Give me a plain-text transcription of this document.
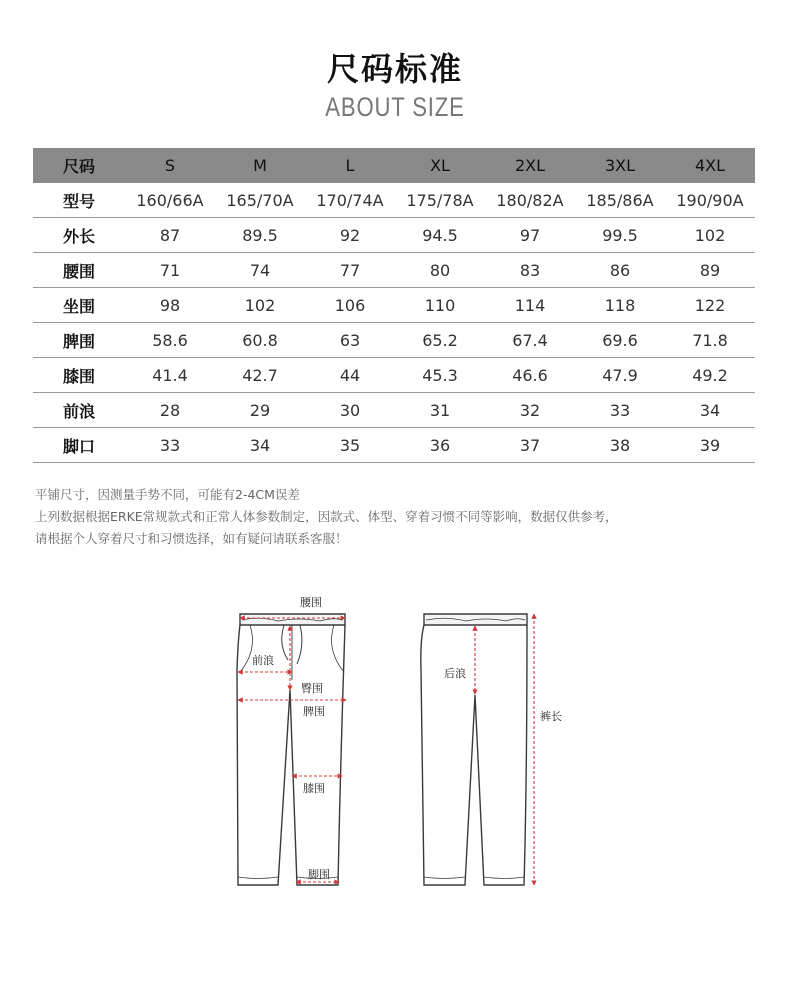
尺码标准
ABOUT SIZE
尺码	S	M	L	XL	2XL	3XL	4XL
型号	160/66A	165/70A	170/74A	175/78A	180/82A	185/86A	190/90A
外长	87	89.5	92	94.5	97	99.5	102
腰围	71	74	77	80	83	86	89
坐围	98	102	106	110	114	118	122
脾围	58.6	60.8	63	65.2	67.4	69.6	71.8
膝围	41.4	42.7	44	45.3	46.6	47.9	49.2
前浪	28	29	30	31	32	33	34
脚口	33	34	35	36	37	38	39
平铺尺寸，因测量手势不同，可能有2-4CM误差
上列数据根据ERKE常规款式和正常人体参数制定，因款式、体型、穿着习惯不同等影响，数据仅供参考，
请根据个人穿着尺寸和习惯选择，如有疑问请联系客服！
腰围
前浪
臀围
脾围
膝围
脚围
后浪
裤长
